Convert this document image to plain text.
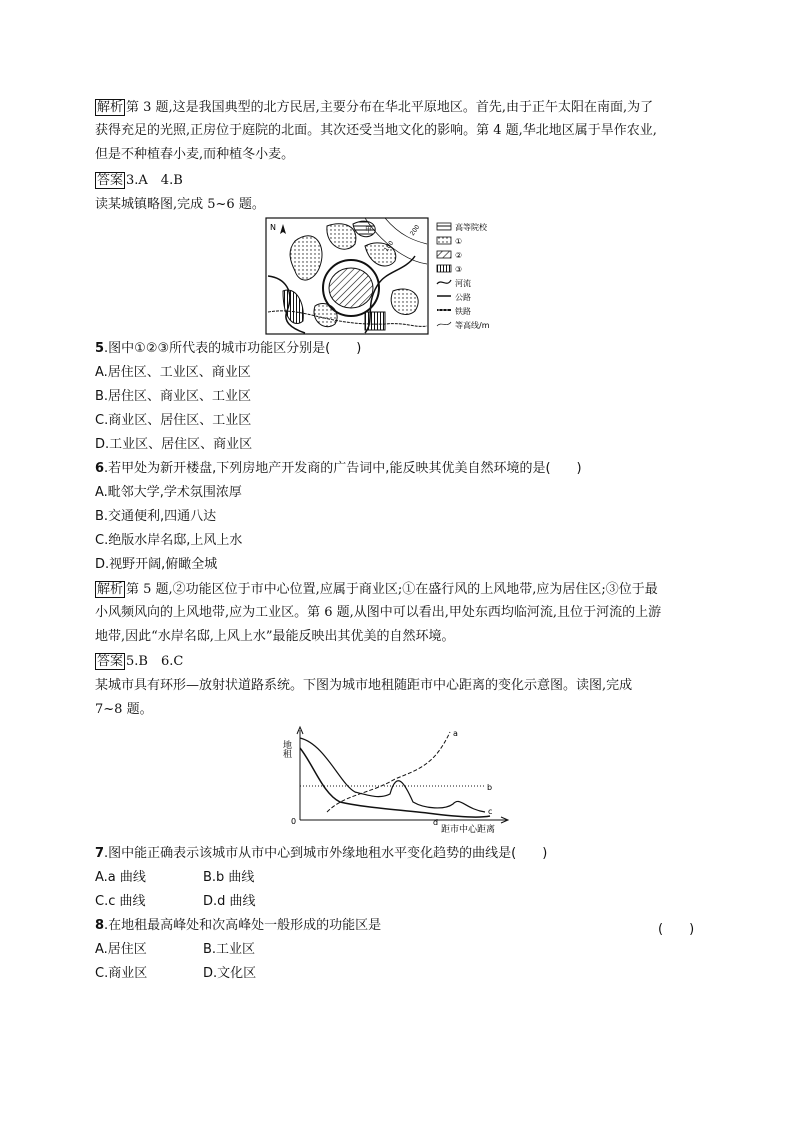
解析 第 3 题,这是我国典型的北方民居,主要分布在华北平原地区。首先,由于正午太阳在南面,为了
获得充足的光照,正房位于庭院的北面。其次还受当地文化的影响。第 4 题,华北地区属于旱作农业,
但是不种植春小麦,而种植冬小麦。
答案 3.A　4.B
读某城镇略图,完成 5~6 题。
N	200
甲	高等院校
①
②
③
河流
公路
铁路
等高线/m
5.图中①②③所代表的城市功能区分别是(　　)
A.居住区、工业区、商业区
B.居住区、商业区、工业区
C.商业区、居住区、工业区
D.工业区、居住区、商业区
6.若甲处为新开楼盘,下列房地产开发商的广告词中,能反映其优美自然环境的是(　　)
A.毗邻大学,学术氛围浓厚
B.交通便利,四通八达
C.绝版水岸名邸,上风上水
D.视野开阔,俯瞰全城
解析 第 5 题,②功能区位于市中心位置,应属于商业区;①在盛行风的上风地带,应为居住区;③位于最
小风频风向的上风地带,应为工业区。第 6 题,从图中可以看出,甲处东西均临河流,且位于河流的上游
地带,因此“水岸名邸,上风上水”最能反映出其优美的自然环境。
答案 5.B　6.C
某城市具有环形—放射状道路系统。下图为城市地租随距市中心距离的变化示意图。读图,完成
7~8 题。
地租
0
距市中心距离
a
b
c
d
7.图中能正确表示该城市从市中心到城市外缘地租水平变化趋势的曲线是(　　)
A.a 曲线	B.b 曲线
C.c 曲线	D.d 曲线
8.在地租最高峰处和次高峰处一般形成的功能区是	(　　)
A.居住区	B.工业区
C.商业区	D.文化区
